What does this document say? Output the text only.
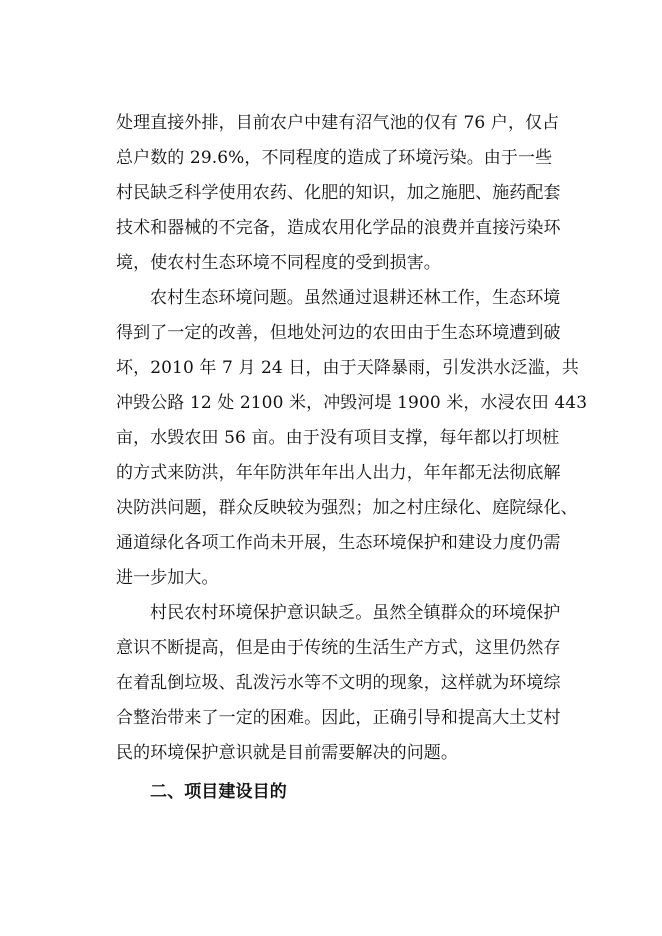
处理直接外排，目前农户中建有沼气池的仅有 76 户，仅占
总户数的 29.6%，不同程度的造成了环境污染。由于一些
村民缺乏科学使用农药、化肥的知识，加之施肥、施药配套
技术和器械的不完备，造成农用化学品的浪费并直接污染环
境，使农村生态环境不同程度的受到损害。
农村生态环境问题。虽然通过退耕还林工作，生态环境
得到了一定的改善，但地处河边的农田由于生态环境遭到破
坏，2010 年 7 月 24 日，由于天降暴雨，引发洪水泛滥，共
冲毁公路 12 处 2100 米，冲毁河堤 1900 米，水浸农田 443
亩，水毁农田 56 亩。由于没有项目支撑，每年都以打坝桩
的方式来防洪，年年防洪年年出人出力，年年都无法彻底解
决防洪问题，群众反映较为强烈；加之村庄绿化、庭院绿化、
通道绿化各项工作尚未开展，生态环境保护和建设力度仍需
进一步加大。
村民农村环境保护意识缺乏。虽然全镇群众的环境保护
意识不断提高，但是由于传统的生活生产方式，这里仍然存
在着乱倒垃圾、乱泼污水等不文明的现象，这样就为环境综
合整治带来了一定的困难。因此，正确引导和提高大土艾村
民的环境保护意识就是目前需要解决的问题。
二、项目建设目的
